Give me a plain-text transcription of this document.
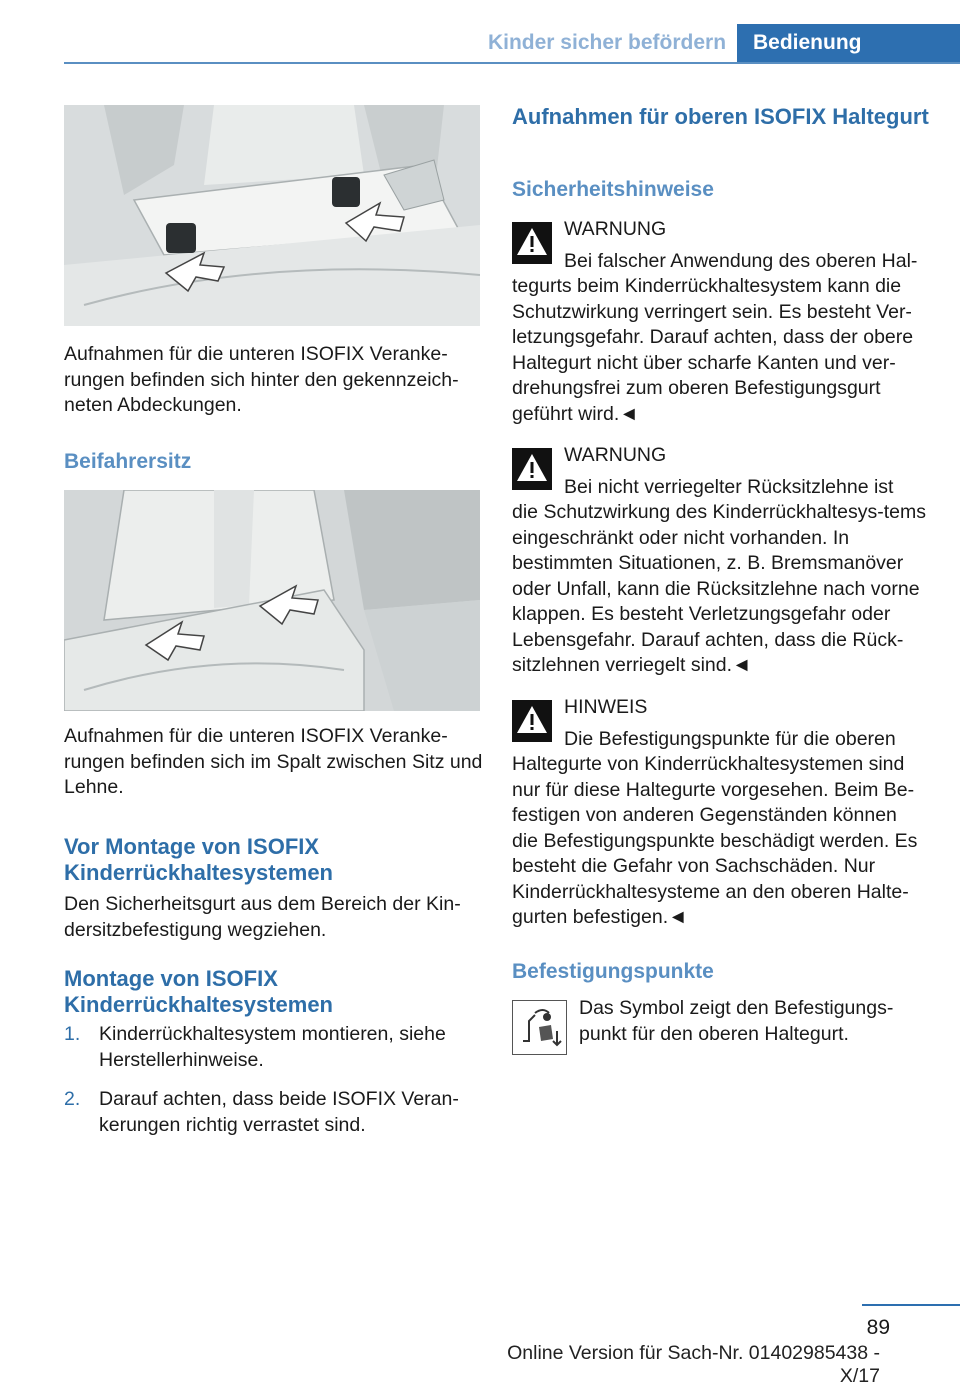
Kinder sicher befördern	Bedienung
Aufnahmen für die unteren ISOFIX Veranke-rungen befinden sich hinter den gekennzeich-neten Abdeckungen.
Beifahrersitz
Aufnahmen für die unteren ISOFIX Veranke-rungen befinden sich im Spalt zwischen Sitz und Lehne.
Vor Montage von ISOFIX Kinderrückhaltesystemen
Den Sicherheitsgurt aus dem Bereich der Kin-dersitzbefestigung wegziehen.
Montage von ISOFIX Kinderrückhaltesystemen
1. Kinderrückhaltesystem montieren, siehe Herstellerhinweise.
2. Darauf achten, dass beide ISOFIX Veran-kerungen richtig verrastet sind.
Aufnahmen für oberen ISOFIX Haltegurt
Sicherheitshinweise
WARNUNG
Bei falscher Anwendung des oberen Hal-
tegurts beim Kinderrückhaltesystem kann die Schutzwirkung verringert sein. Es besteht Ver-letzungsgefahr. Darauf achten, dass der obere Haltegurt nicht über scharfe Kanten und ver-drehungsfrei zum oberen Befestigungsgurt geführt wird.◄
WARNUNG
Bei nicht verriegelter Rücksitzlehne ist
die Schutzwirkung des Kinderrückhaltesys-tems eingeschränkt oder nicht vorhanden. In bestimmten Situationen, z. B. Bremsmanöver oder Unfall, kann die Rücksitzlehne nach vorne klappen. Es besteht Verletzungsgefahr oder Lebensgefahr. Darauf achten, dass die Rück-sitzlehnen verriegelt sind.◄
HINWEIS
Die Befestigungspunkte für die oberen
Haltegurte von Kinderrückhaltesystemen sind nur für diese Haltegurte vorgesehen. Beim Be-festigen von anderen Gegenständen können die Befestigungspunkte beschädigt werden. Es besteht die Gefahr von Sachschäden. Nur Kinderrückhaltesysteme an den oberen Halte-gurten befestigen.◄
Befestigungspunkte
Das Symbol zeigt den Befestigungs-punkt für den oberen Haltegurt.
89
Online Version für Sach-Nr. 01402985438 - X/17
